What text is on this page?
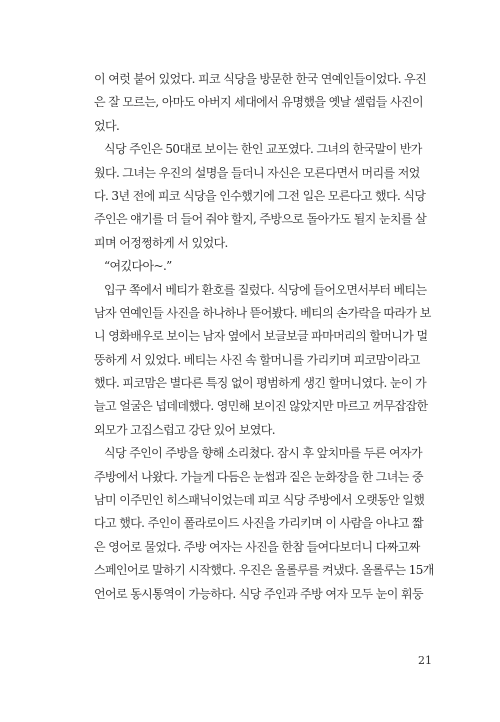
이 여럿 붙어 있었다. 피코 식당을 방문한 한국 연예인들이었다. 우진
은 잘 모르는, 아마도 아버지 세대에서 유명했을 옛날 셀럽들 사진이
었다.
식당 주인은 50대로 보이는 한인 교포였다. 그녀의 한국말이 반가
웠다. 그녀는 우진의 설명을 들더니 자신은 모른다면서 머리를 저었
다. 3년 전에 피코 식당을 인수했기에 그전 일은 모른다고 했다. 식당
주인은 얘기를 더 들어 줘야 할지, 주방으로 돌아가도 될지 눈치를 살
피며 어정쩡하게 서 있었다.
“여깄다아~.”
입구 쪽에서 베티가 환호를 질렀다. 식당에 들어오면서부터 베티는
남자 연예인들 사진을 하나하나 뜯어봤다. 베티의 손가락을 따라가 보
니 영화배우로 보이는 남자 옆에서 보글보글 파마머리의 할머니가 멀
뚱하게 서 있었다. 베티는 사진 속 할머니를 가리키며 피코맘이라고
했다. 피코맘은 별다른 특징 없이 평범하게 생긴 할머니였다. 눈이 가
늘고 얼굴은 넙데데했다. 영민해 보이진 않았지만 마르고 꺼무잡잡한
외모가 고집스럽고 강단 있어 보였다.
식당 주인이 주방을 향해 소리쳤다. 잠시 후 앞치마를 두른 여자가
주방에서 나왔다. 가늘게 다듬은 눈썹과 짙은 눈화장을 한 그녀는 중
남미 이주민인 히스패닉이었는데 피코 식당 주방에서 오랫동안 일했
다고 했다. 주인이 폴라로이드 사진을 가리키며 이 사람을 아냐고 짧
은 영어로 물었다. 주방 여자는 사진을 한참 들여다보더니 다짜고짜
스페인어로 말하기 시작했다. 우진은 올롤루를 켜냈다. 올롤루는 15개
언어로 동시통역이 가능하다. 식당 주인과 주방 여자 모두 눈이 휘둥
21
